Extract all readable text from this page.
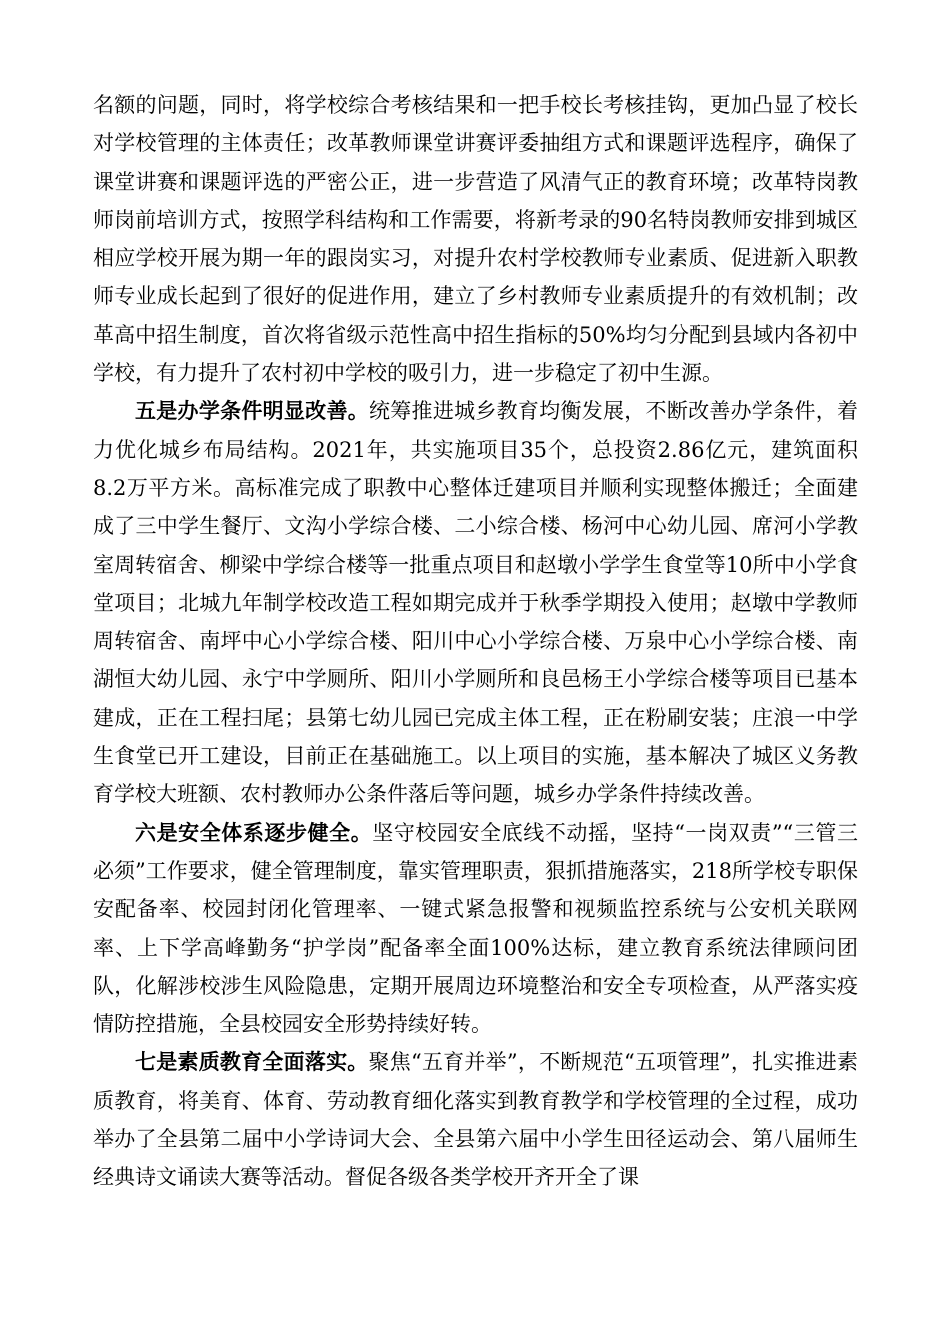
名额的问题，同时，将学校综合考核结果和一把手校长考核挂钩，更加凸显了校长对学校管理的主体责任；改革教师课堂讲赛评委抽组方式和课题评选程序，确保了课堂讲赛和课题评选的严密公正，进一步营造了风清气正的教育环境；改革特岗教师岗前培训方式，按照学科结构和工作需要，将新考录的90名特岗教师安排到城区相应学校开展为期一年的跟岗实习，对提升农村学校教师专业素质、促进新入职教师专业成长起到了很好的促进作用，建立了乡村教师专业素质提升的有效机制；改革高中招生制度，首次将省级示范性高中招生指标的50%均匀分配到县域内各初中学校，有力提升了农村初中学校的吸引力，进一步稳定了初中生源。

五是办学条件明显改善。统筹推进城乡教育均衡发展，不断改善办学条件，着力优化城乡布局结构。2021年，共实施项目35个，总投资2.86亿元，建筑面积8.2万平方米。高标准完成了职教中心整体迁建项目并顺利实现整体搬迁；全面建成了三中学生餐厅、文沟小学综合楼、二小综合楼、杨河中心幼儿园、席河小学教室周转宿舍、柳梁中学综合楼等一批重点项目和赵墩小学学生食堂等10所中小学食堂项目；北城九年制学校改造工程如期完成并于秋季学期投入使用；赵墩中学教师周转宿舍、南坪中心小学综合楼、阳川中心小学综合楼、万泉中心小学综合楼、南湖恒大幼儿园、永宁中学厕所、阳川小学厕所和良邑杨王小学综合楼等项目已基本建成，正在工程扫尾；县第七幼儿园已完成主体工程，正在粉刷安装；庄浪一中学生食堂已开工建设，目前正在基础施工。以上项目的实施，基本解决了城区义务教育学校大班额、农村教师办公条件落后等问题，城乡办学条件持续改善。

六是安全体系逐步健全。坚守校园安全底线不动摇，坚持“一岗双责”“三管三必须”工作要求，健全管理制度，靠实管理职责，狠抓措施落实，218所学校专职保安配备率、校园封闭化管理率、一键式紧急报警和视频监控系统与公安机关联网率、上下学高峰勤务“护学岗”配备率全面100%达标，建立教育系统法律顾问团队，化解涉校涉生风险隐患，定期开展周边环境整治和安全专项检查，从严落实疫情防控措施，全县校园安全形势持续好转。

七是素质教育全面落实。聚焦“五育并举”，不断规范“五项管理”，扎实推进素质教育，将美育、体育、劳动教育细化落实到教育教学和学校管理的全过程，成功举办了全县第二届中小学诗词大会、全县第六届中小学生田径运动会、第八届师生经典诗文诵读大赛等活动。督促各级各类学校开齐开全了课
